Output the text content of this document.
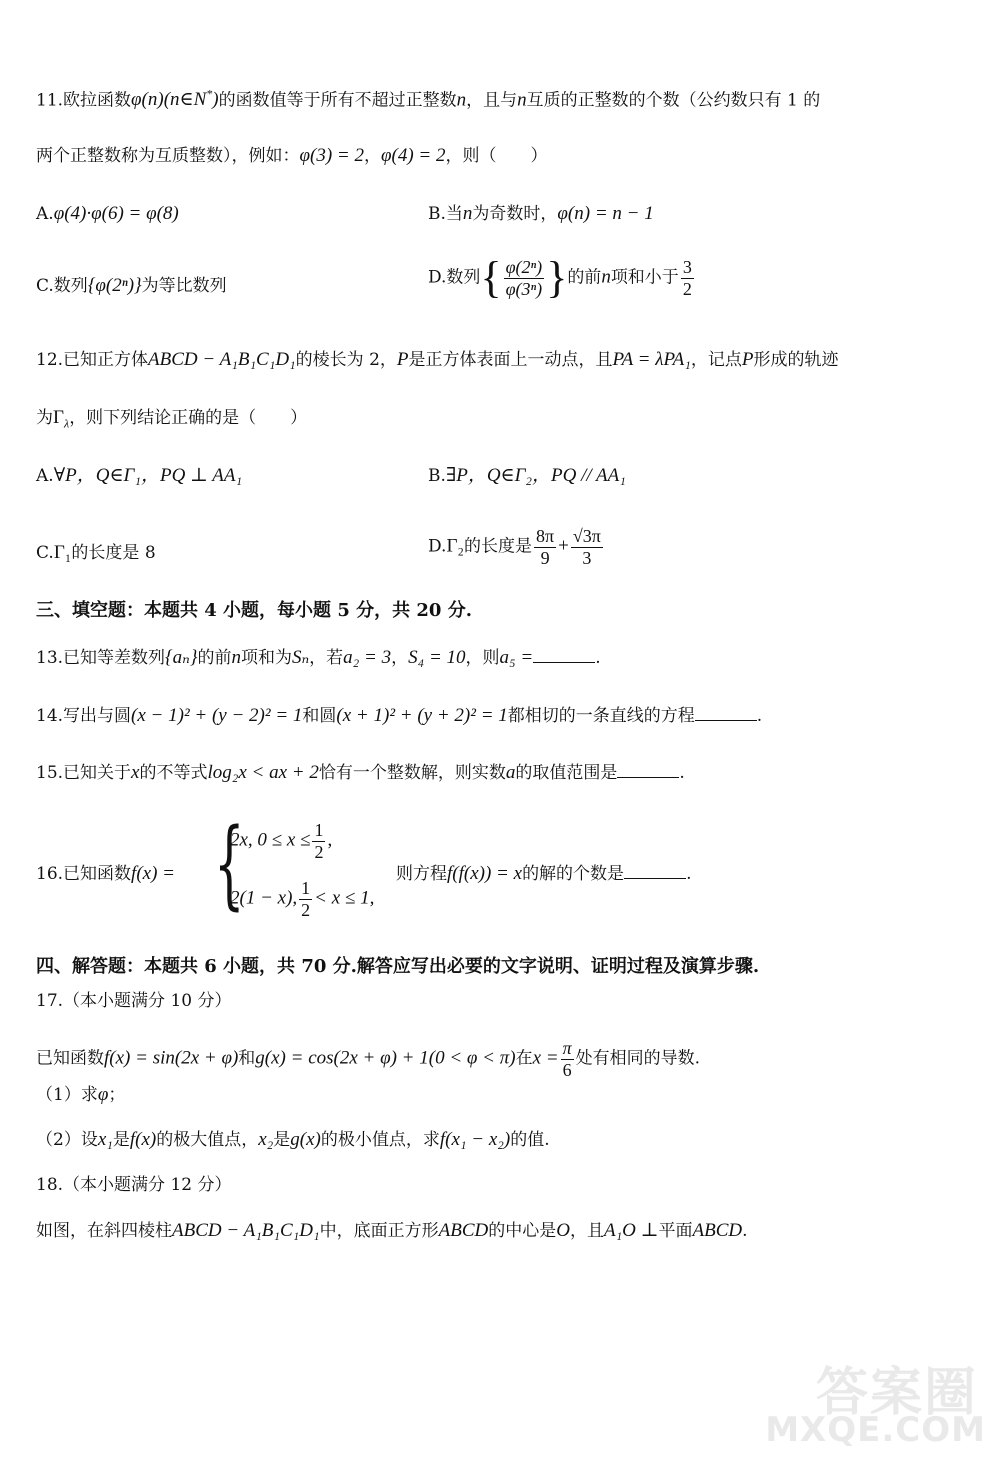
11.欧拉函数φ(n)(n∈N*)的函数值等于所有不超过正整数n，且与n互质的正整数的个数（公约数只有 1 的
两个正整数称为互质整数），例如：φ(3) = 2，φ(4) = 2，则（　　）
A.φ(4)·φ(6) = φ(8)	B.当n为奇数时，φ(n) = n − 1
C.数列{φ(2ⁿ)}为等比数列	D.数列{ $\frac{\text{φ(2ⁿ)}}{\text{φ(3ⁿ)}}$ }的前n项和小于 $\frac{3}{2}$
12.已知正方体ABCD − A₁B₁C₁D₁的棱长为 2，P是正方体表面上一动点，且PA = λPA₁，记点P形成的轨迹
为$\Gamma_\lambda$，则下列结论正确的是（　　）
A.∀P，Q∈Γ₁，PQ ⊥ AA₁	B.∃P，Q∈Γ₂，PQ // AA₁
C.Γ₁的长度是 8	D.Γ₂的长度是 $\frac{8\pi}{9} + \frac{√3\pi}{3}$
三、填空题：本题共 4 小题，每小题 5 分，共 20 分.
13.已知等差数列{aₙ}的前n项和为Sₙ，若a₂ = 3，S₄ = 10，则a₅ =	.
14.写出与圆(x − 1)² + (y − 2)² = 1和圆(x + 1)² + (y + 2)² = 1都相切的一条直线的方程	.
15.已知关于x的不等式log₂x < ax + 2恰有一个整数解，则实数a的取值范围是	.
16.已知函数f(x) = {
2x, $0 \le x \le \frac{1}{2}$ ,
2(1 − x), $\frac{1}{2} < x \le 1$,
则方程f(f(x)) = x的解的个数是	.
四、解答题：本题共 6 小题，共 70 分.解答应写出必要的文字说明、证明过程及演算步骤.
17.（本小题满分 10 分）
已知函数f(x) = sin(2x + φ)和g(x) = cos(2x + φ) + 1(0 < φ < π)在$x = \frac{\pi}{6}$ 处有相同的导数.
（1）求φ；
（2）设x₁是f(x)的极大值点，x₂是g(x)的极小值点，求f(x₁ − x₂)的值.
18.（本小题满分 12 分）
如图，在斜四棱柱ABCD − A₁B₁C₁D₁中，底面正方形ABCD的中心是O，且A₁O ⊥平面ABCD.
答案圈
MXQE.COM
